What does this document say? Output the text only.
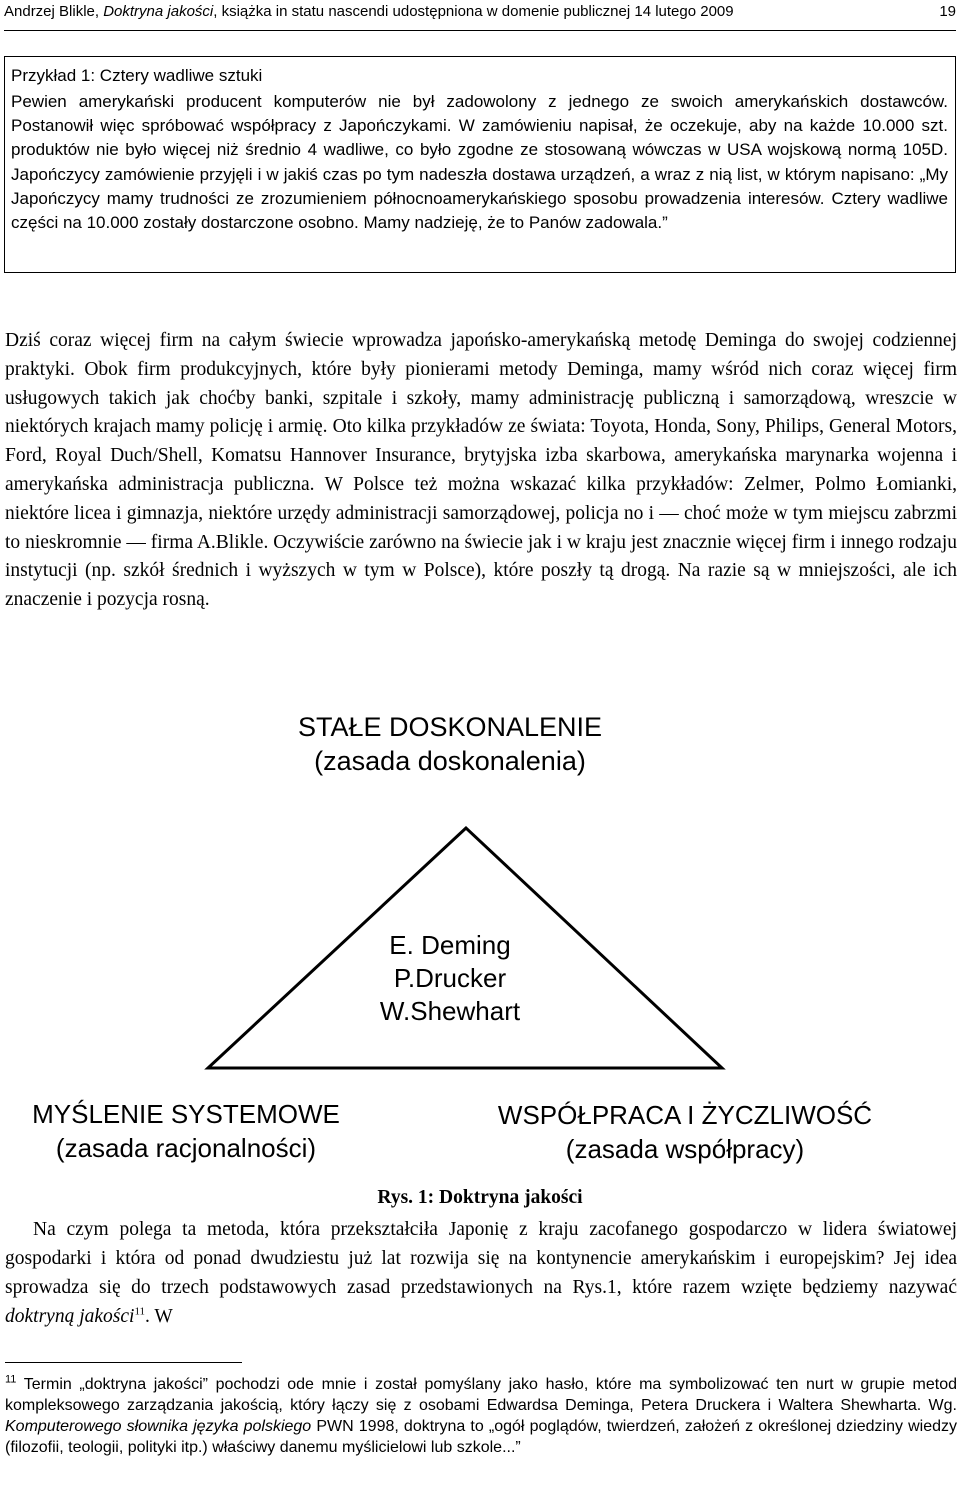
Andrzej Blikle, Doktryna jakości, książka in statu nascendi udostępniona w domenie publicznej 14 lutego 2009	19
Przykład 1: Cztery wadliwe sztuki
Pewien amerykański producent komputerów nie był zadowolony z jednego ze swoich amerykańskich dostawców. Postanowił więc spróbować współpracy z Japończykami. W zamówieniu napisał, że oczekuje, aby na każde 10.000 szt. produktów nie było więcej niż średnio 4 wadliwe, co było zgodne ze stosowaną wówczas w USA wojskową normą 105D. Japończycy zamówienie przyjęli i w jakiś czas po tym nadeszła dostawa urządzeń, a wraz z nią list, w którym napisano: „My Japończycy mamy trudności ze zrozumieniem północnoamerykańskiego sposobu prowadzenia interesów. Cztery wadliwe części na 10.000 zostały dostarczone osobno. Mamy nadzieję, że to Panów zadowala.”
Dziś coraz więcej firm na całym świecie wprowadza japońsko-amerykańską metodę Deminga do swojej codziennej praktyki. Obok firm produkcyjnych, które były pionierami metody Deminga, mamy wśród nich coraz więcej firm usługowych takich jak choćby banki, szpitale i szkoły, mamy administrację publiczną i samorządową, wreszcie w niektórych krajach mamy policję i armię. Oto kilka przykładów ze świata: Toyota, Honda, Sony, Philips, General Motors, Ford, Royal Duch/Shell, Komatsu Hannover Insurance, brytyjska izba skarbowa, amerykańska marynarka wojenna i amerykańska administracja publiczna. W Polsce też można wskazać kilka przykładów: Zelmer, Polmo Łomianki, niektóre licea i gimnazja, niektóre urzędy administracji samorządowej, policja no i — choć może w tym miejscu zabrzmi to nieskromnie — firma A.Blikle. Oczywiście zarówno na świecie jak i w kraju jest znacznie więcej firm i innego rodzaju instytucji (np. szkół średnich i wyższych w tym w Polsce), które poszły tą drogą. Na razie są w mniejszości, ale ich znaczenie i pozycja rosną.
STAŁE DOSKONALENIE
(zasada doskonalenia)
E. Deming
P.Drucker
W.Shewhart
MYŚLENIE SYSTEMOWE
(zasada racjonalności)
WSPÓŁPRACA I ŻYCZLIWOŚĆ
(zasada współpracy)
Rys. 1: Doktryna jakości
Na czym polega ta metoda, która przekształciła Japonię z kraju zacofanego gospodarczo w lidera światowej gospodarki i która od ponad dwudziestu już lat rozwija się na kontynencie amerykańskim i europejskim? Jej idea sprowadza się do trzech podstawowych zasad przedstawionych na Rys.1, które razem wzięte będziemy nazywać doktryną jakości$^{11}$. W
$^{11}$ Termin „doktryna jakości” pochodzi ode mnie i został pomyślany jako hasło, które ma symbolizować ten nurt w grupie metod kompleksowego zarządzania jakością, który łączy się z osobami Edwardsa Deminga, Petera Druckera i Waltera Shewharta. Wg. Komputerowego słownika języka polskiego PWN 1998, doktryna to „ogół poglądów, twierdzeń, założeń z określonej dziedziny wiedzy (filozofii, teologii, polityki itp.) właściwy danemu myślicielowi lub szkole...”
